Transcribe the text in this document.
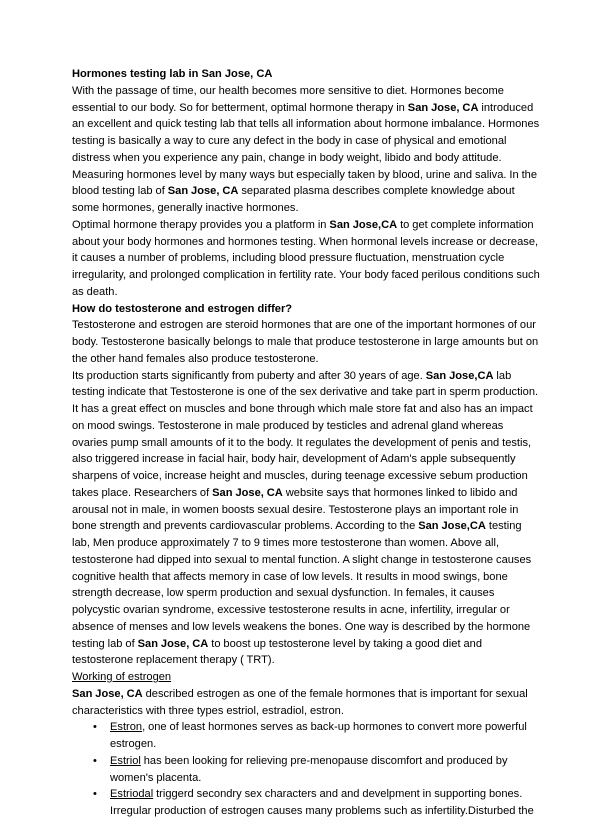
Hormones testing lab in San Jose, CA

With the passage of time, our health becomes more sensitive to diet. Hormones become essential to our body. So for betterment, optimal hormone therapy in San Jose, CA introduced an excellent and quick testing lab that tells all information about hormone imbalance. Hormones testing is basically a way to cure any defect in the body in case of physical and emotional distress when you experience any pain, change in body weight, libido and body attitude. Measuring hormones level by many ways but especially taken by blood, urine and saliva. In the blood testing lab of San Jose, CA separated plasma describes complete knowledge about some hormones, generally inactive hormones.

Optimal hormone therapy provides you a platform in San Jose,CA to get complete information about your body hormones and hormones testing. When hormonal levels increase or decrease, it causes a number of problems, including blood pressure fluctuation, menstruation cycle irregularity, and prolonged complication in fertility rate. Your body faced perilous conditions such as death.

How do testosterone and estrogen differ?

Testosterone and estrogen are steroid hormones that are one of the important hormones of our body. Testosterone basically belongs to male that produce testosterone in large amounts but on the other hand females also produce testosterone.

Its production starts significantly from puberty and after 30 years of age. San Jose,CA lab testing indicate that Testosterone is one of the sex derivative and take part in sperm production. It has a great effect on muscles and bone through which male store fat and also has an impact on mood swings. Testosterone in male produced by testicles and adrenal gland whereas ovaries pump small amounts of it to the body. It regulates the development of penis and testis, also triggered increase in facial hair, body hair, development of Adam's apple subsequently sharpens of voice, increase height and muscles, during teenage excessive sebum production takes place. Researchers of San Jose, CA website says that hormones linked to libido and arousal not in male, in women boosts sexual desire. Testosterone plays an important role in bone strength and prevents cardiovascular problems. According to the San Jose,CA testing lab, Men produce approximately 7 to 9 times more testosterone than women. Above all, testosterone had dipped into sexual to mental function. A slight change in testosterone causes cognitive health that affects memory in case of low levels. It results in mood swings, bone strength decrease, low sperm production and sexual dysfunction. In females, it causes polycystic ovarian syndrome, excessive testosterone results in acne, infertility, irregular or absence of menses and low levels weakens the bones. One way is described by the hormone testing lab of San Jose, CA to boost up testosterone level by taking a good diet and testosterone replacement therapy ( TRT).

Working of estrogen

San Jose, CA described estrogen as one of the female hormones that is important for sexual characteristics with three types estriol, estradiol, estron.

• Estron, one of least hormones serves as back-up hormones to convert more powerful estrogen.
• Estriol has been looking for relieving pre-menopause discomfort and produced by women's placenta.
• Estriodal triggerd secondry sex characters and and develpment in supporting bones. Irregular production of estrogen causes many problems such as infertility.Disturbed the
